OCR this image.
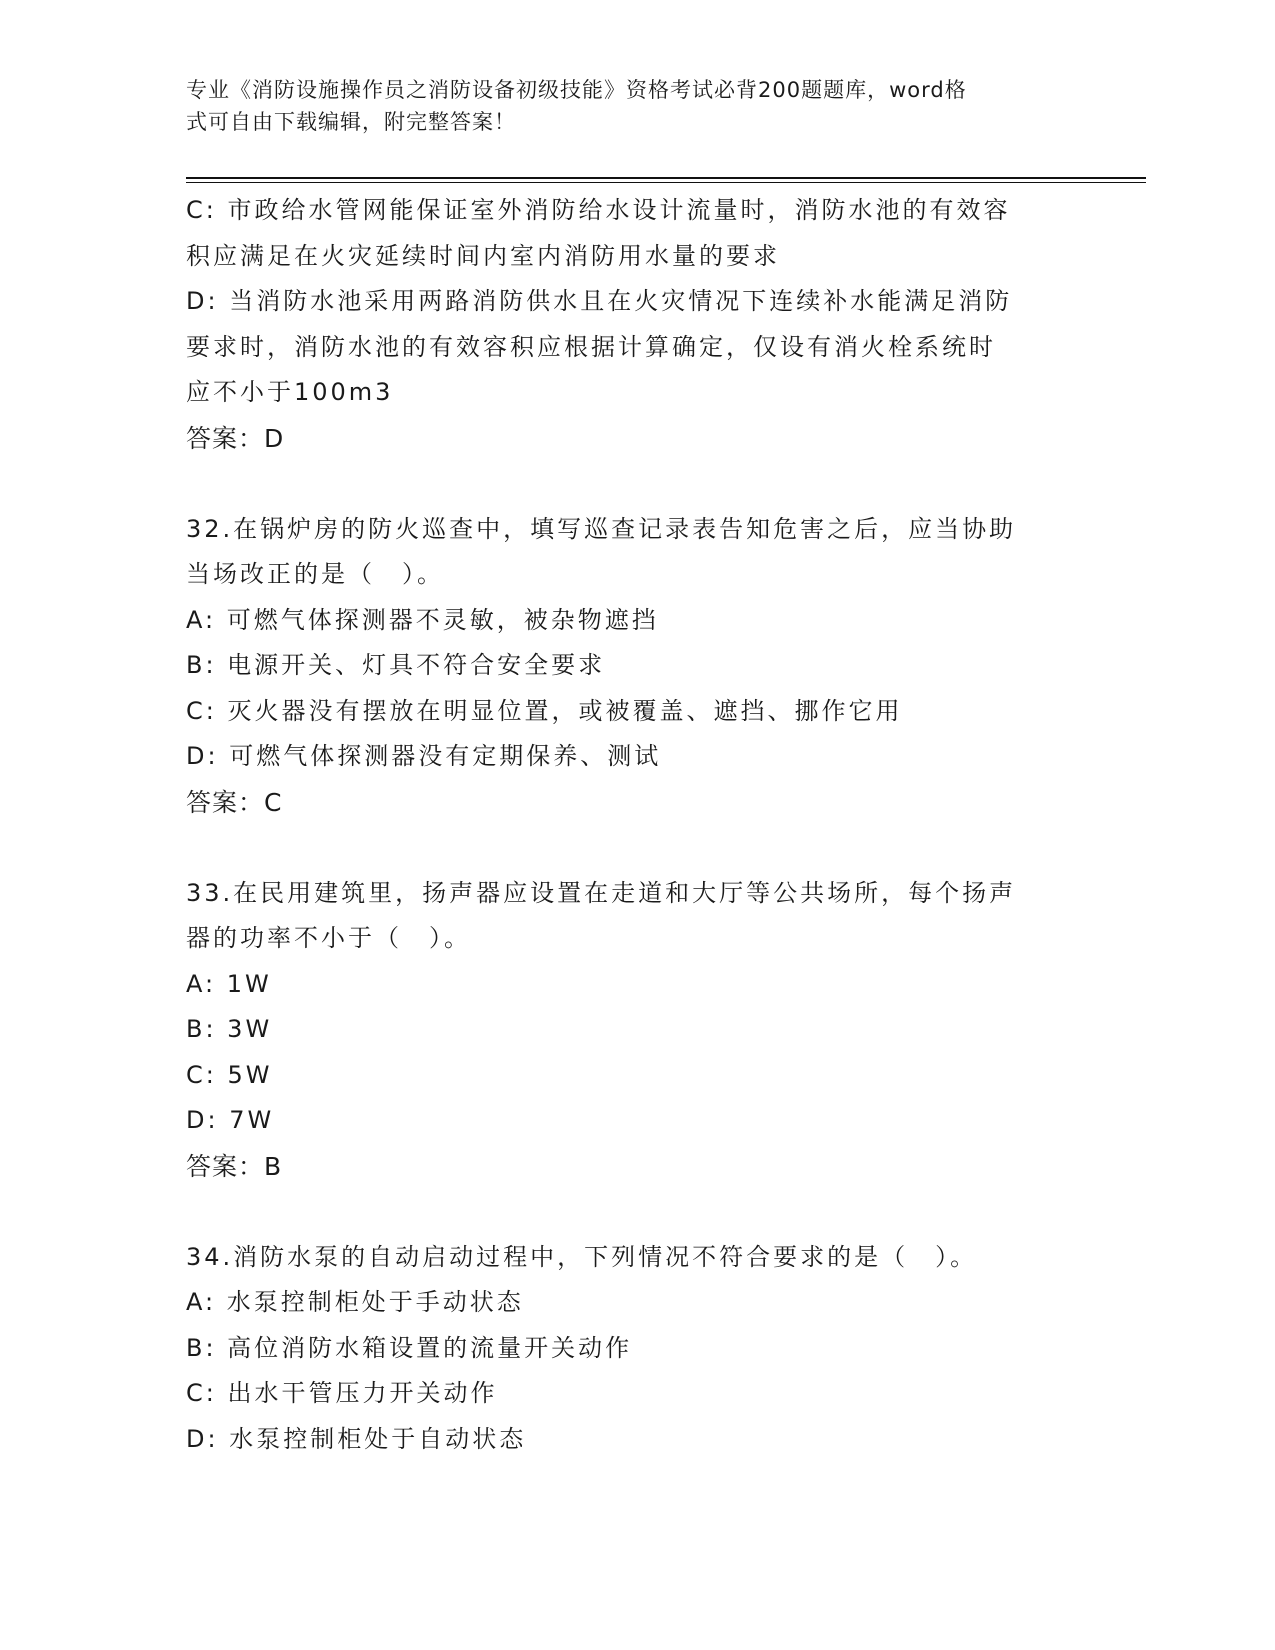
专业《消防设施操作员之消防设备初级技能》资格考试必背200题题库，word格
式可自由下载编辑，附完整答案！
C: 市政给水管网能保证室外消防给水设计流量时，消防水池的有效容
积应满足在火灾延续时间内室内消防用水量的要求
D: 当消防水池采用两路消防供水且在火灾情况下连续补水能满足消防
要求时，消防水池的有效容积应根据计算确定，仅设有消火栓系统时
应不小于100m3
答案：D
32.在锅炉房的防火巡查中，填写巡查记录表告知危害之后，应当协助
当场改正的是（　）。
A: 可燃气体探测器不灵敏，被杂物遮挡
B: 电源开关、灯具不符合安全要求
C: 灭火器没有摆放在明显位置，或被覆盖、遮挡、挪作它用
D: 可燃气体探测器没有定期保养、测试
答案：C
33.在民用建筑里，扬声器应设置在走道和大厅等公共场所，每个扬声
器的功率不小于（　）。
A: 1W
B: 3W
C: 5W
D: 7W
答案：B
34.消防水泵的自动启动过程中，下列情况不符合要求的是（　）。
A: 水泵控制柜处于手动状态
B: 高位消防水箱设置的流量开关动作
C: 出水干管压力开关动作
D: 水泵控制柜处于自动状态
